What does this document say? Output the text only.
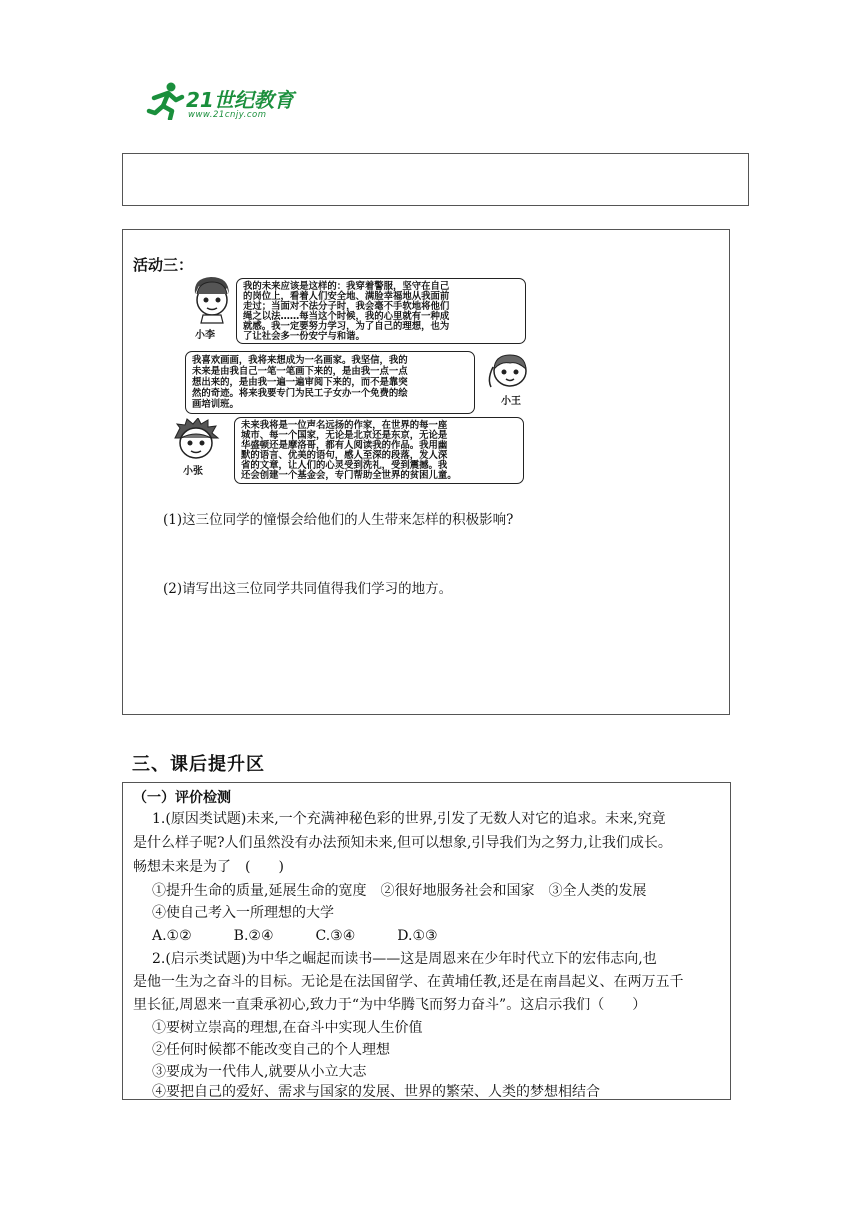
21世纪教育
www.21cnjy.com
活动三：
小李
我的未来应该是这样的：我穿着警服，坚守在自己
的岗位上，看着人们安全地、满脸幸福地从我面前
走过；当面对不法分子时，我会毫不手软地将他们
绳之以法……每当这个时候，我的心里就有一种成
就感。我一定要努力学习，为了自己的理想，也为
了让社会多一份安宁与和谐。
我喜欢画画，我将来想成为一名画家。我坚信，我的
未来是由我自己一笔一笔画下来的，是由我一点一点
想出来的，是由我一遍一遍审阅下来的，而不是靠突
然的奇迹。将来我要专门为民工子女办一个免费的绘
画培训班。	小王
小张
未来我将是一位声名远扬的作家，在世界的每一座
城市、每一个国家，无论是北京还是东京，无论是
华盛顿还是摩洛哥，都有人阅读我的作品。我用幽
默的语言、优美的语句，感人至深的段落，发人深
省的文章，让人们的心灵受到洗礼，受到震撼。我
还会创建一个基金会，专门帮助全世界的贫困儿童。
(1)这三位同学的憧憬会给他们的人生带来怎样的积极影响?
(2)请写出这三位同学共同值得我们学习的地方。
三、课后提升区
（一）评价检测
1.(原因类试题)未来,一个充满神秘色彩的世界,引发了无数人对它的追求。未来,究竟
是什么样子呢?人们虽然没有办法预知未来,但可以想象,引导我们为之努力,让我们成长。
畅想未来是为了　(　　)
①提升生命的质量,延展生命的宽度　②很好地服务社会和国家　③全人类的发展
④使自己考入一所理想的大学
A.①②　　　B.②④　　　C.③④　　　D.①③
2.(启示类试题)为中华之崛起而读书——这是周恩来在少年时代立下的宏伟志向,也
是他一生为之奋斗的目标。无论是在法国留学、在黄埔任教,还是在南昌起义、在两万五千
里长征,周恩来一直秉承初心,致力于“为中华腾飞而努力奋斗”。这启示我们（　　）
①要树立崇高的理想,在奋斗中实现人生价值
②任何时候都不能改变自己的个人理想
③要成为一代伟人,就要从小立大志
④要把自己的爱好、需求与国家的发展、世界的繁荣、人类的梦想相结合
